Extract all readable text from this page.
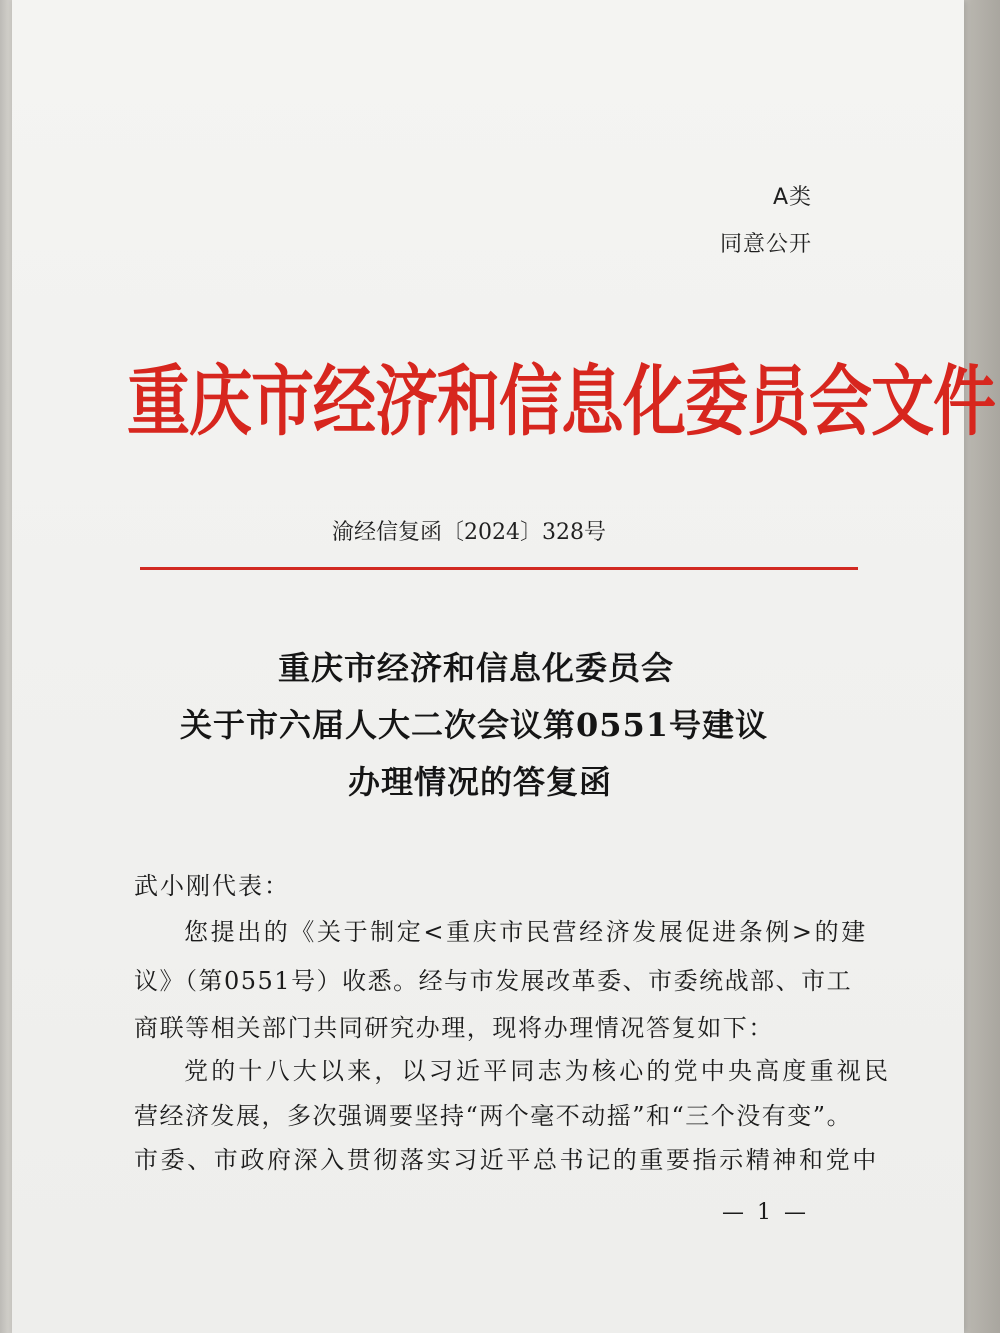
A类
同意公开
重庆市经济和信息化委员会文件
渝经信复函〔2024〕328号
重庆市经济和信息化委员会
关于市六届人大二次会议第0551号建议
办理情况的答复函
武小刚代表：
您提出的《关于制定<重庆市民营经济发展促进条例>的建
议》（第0551号）收悉。经与市发展改革委、市委统战部、市工
商联等相关部门共同研究办理，现将办理情况答复如下：
党的十八大以来，以习近平同志为核心的党中央高度重视民
营经济发展，多次强调要坚持“两个毫不动摇”和“三个没有变”。
市委、市政府深入贯彻落实习近平总书记的重要指示精神和党中
— 1 —
